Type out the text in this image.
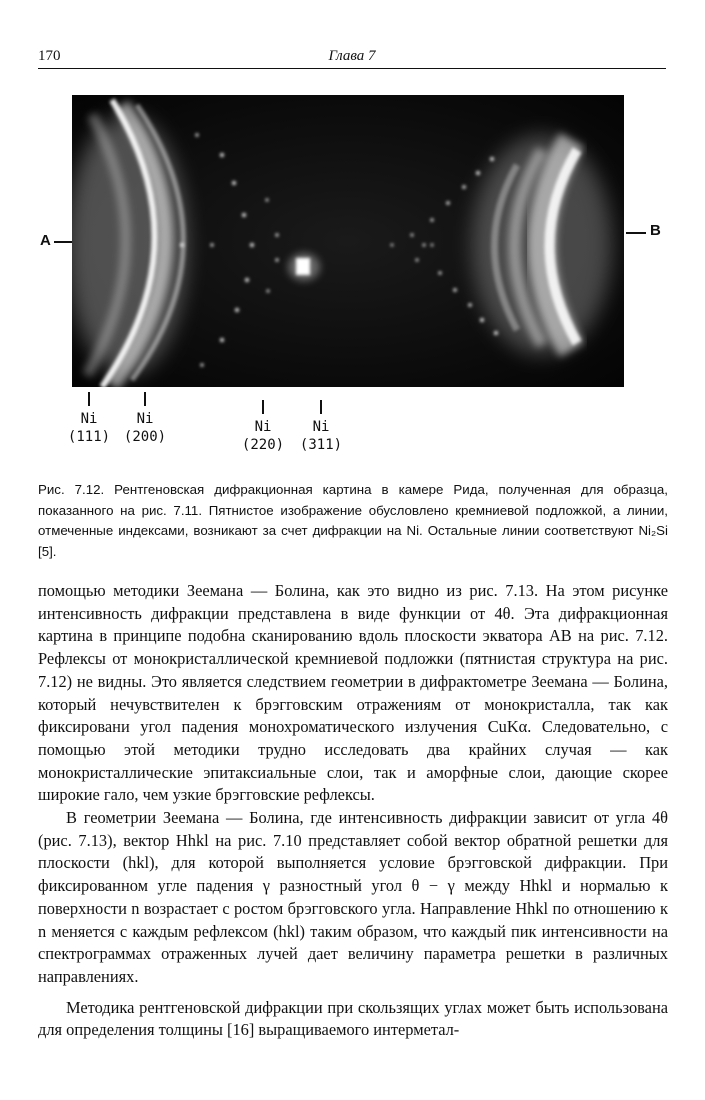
170	Глава 7
A
B
Ni
(111)
Ni
(200)
Ni
(220)
Ni
(311)
Рис. 7.12. Рентгеновская дифракционная картина в камере Рида, полученная для образца, показанного на рис. 7.11. Пятнистое изображение обусловлено кремниевой подложкой, а линии, отмеченные индексами, возникают за счет дифракции на Ni. Остальные линии соответствуют Ni₂Si [5].

помощью методики Зеемана — Болина, как это видно из рис. 7.13. На этом рисунке интенсивность дифракции представлена в виде функции от 4θ. Эта дифракционная картина в принципе подобна сканированию вдоль плоскости экватора AB на рис. 7.12. Рефлексы от монокристаллической кремниевой подложки (пятнистая структура на рис. 7.12) не видны. Это является следствием геометрии в дифрактометре Зеемана — Болина, который нечувствителен к брэгговским отражениям от монокристалла, так как фиксировани угол падения монохроматического излучения CuKα. Следовательно, с помощью этой методики трудно исследовать два крайних случая — как монокристаллические эпитаксиальные слои, так и аморфные слои, дающие скорее широкие гало, чем узкие брэгговские рефлексы.

В геометрии Зеемана — Болина, где интенсивность дифракции зависит от угла 4θ (рис. 7.13), вектор Hhkl на рис. 7.10 представляет собой вектор обратной решетки для плоскости (hkl), для которой выполняется условие брэгговской дифракции. При фиксированном угле падения γ разностный угол θ − γ между Hhkl и нормалью к поверхности n возрастает с ростом брэгговского угла. Направление Hhkl по отношению к n меняется с каждым рефлексом (hkl) таким образом, что каждый пик интенсивности на спектрограммах отраженных лучей дает величину параметра решетки в различных направлениях.

Методика рентгеновской дифракции при скользящих углах может быть использована для определения толщины [16] выращиваемого интерметал-
